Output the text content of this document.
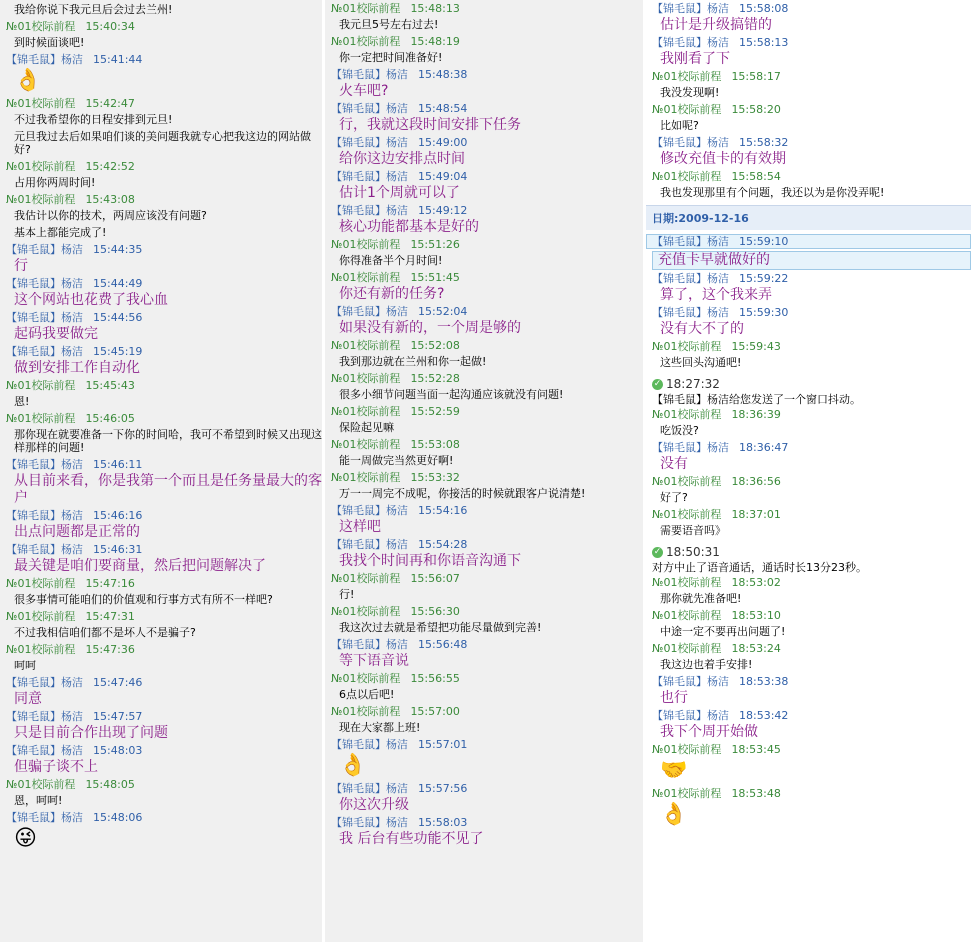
我给你说下我元旦后会过去兰州!
№01校际前程 15:40:34
到时候面谈吧!
【锦毛鼠】杨洁 15:41:44
👌
№01校际前程 15:42:47
不过我希望你的日程安排到元旦!
元旦我过去后如果咱们谈的美问题我就专心把我这边的网站做好?
№01校际前程 15:42:52
占用你两周时间!
№01校际前程 15:43:08
我估计以你的技术，两周应该没有问题?
基本上都能完成了!
【锦毛鼠】杨洁 15:44:35
行
【锦毛鼠】杨洁 15:44:49
这个网站也花费了我心血
【锦毛鼠】杨洁 15:44:56
起码我要做完
【锦毛鼠】杨洁 15:45:19
做到安排工作自动化
№01校际前程 15:45:43
恩!
№01校际前程 15:46:05
那你现在就要准备一下你的时间哈，我可不希望到时候又出现这样那样的问题!
【锦毛鼠】杨洁 15:46:11
从目前来看，你是我第一个而且是任务量最大的客户
【锦毛鼠】杨洁 15:46:16
出点问题都是正常的
【锦毛鼠】杨洁 15:46:31
最关键是咱们要商量，然后把问题解决了
№01校际前程 15:47:16
很多事情可能咱们的价值观和行事方式有所不一样吧?
№01校际前程 15:47:31
不过我相信咱们都不是坏人不是骗子?
№01校际前程 15:47:36
呵呵
【锦毛鼠】杨洁 15:47:46
同意
【锦毛鼠】杨洁 15:47:57
只是目前合作出现了问题
【锦毛鼠】杨洁 15:48:03
但骗子谈不上
№01校际前程 15:48:05
恩，呵呵!
【锦毛鼠】杨洁 15:48:06
😜
№01校际前程 15:48:13
我元旦5号左右过去!
№01校际前程 15:48:19
你一定把时间准备好!
【锦毛鼠】杨洁 15:48:38
火车吧?
【锦毛鼠】杨洁 15:48:54
行，我就这段时间安排下任务
【锦毛鼠】杨洁 15:49:00
给你这边安排点时间
【锦毛鼠】杨洁 15:49:04
估计1个周就可以了
【锦毛鼠】杨洁 15:49:12
核心功能都基本是好的
№01校际前程 15:51:26
你得准备半个月时间!
№01校际前程 15:51:45
你还有新的任务?
【锦毛鼠】杨洁 15:52:04
如果没有新的，一个周是够的
№01校际前程 15:52:08
我到那边就在兰州和你一起做!
№01校际前程 15:52:28
很多小细节问题当面一起沟通应该就没有问题!
№01校际前程 15:52:59
保险起见嘛
№01校际前程 15:53:08
能一周做完当然更好啊!
№01校际前程 15:53:32
万一一周完不成呢，你接活的时候就跟客户说清楚!
【锦毛鼠】杨洁 15:54:16
这样吧
【锦毛鼠】杨洁 15:54:28
我找个时间再和你语音沟通下
№01校际前程 15:56:07
行!
№01校际前程 15:56:30
我这次过去就是希望把功能尽量做到完善!
【锦毛鼠】杨洁 15:56:48
等下语音说
№01校际前程 15:56:55
6点以后吧!
№01校际前程 15:57:00
现在大家都上班!
【锦毛鼠】杨洁 15:57:01
👌
【锦毛鼠】杨洁 15:57:56
你这次升级
【锦毛鼠】杨洁 15:58:03
我 后台有些功能不见了
【锦毛鼠】杨洁 15:58:08
估计是升级搞错的
【锦毛鼠】杨洁 15:58:13
我刚看了下
№01校际前程 15:58:17
我没发现啊!
№01校际前程 15:58:20
比如呢?
【锦毛鼠】杨洁 15:58:32
修改充值卡的有效期
№01校际前程 15:58:54
我也发现那里有个问题，我还以为是你没弄呢!
日期:2009-12-16
【锦毛鼠】杨洁 15:59:10
充值卡早就做好的
【锦毛鼠】杨洁 15:59:22
算了，这个我来弄
【锦毛鼠】杨洁 15:59:30
没有大不了的
№01校际前程 15:59:43
这些回头沟通吧!
✓ 18:27:32
【锦毛鼠】杨洁给您发送了一个窗口抖动。
№01校际前程 18:36:39
吃饭没?
【锦毛鼠】杨洁 18:36:47
没有
№01校际前程 18:36:56
好了?
№01校际前程 18:37:01
需要语音吗》
✓ 18:50:31
对方中止了语音通话，通话时长13分23秒。
№01校际前程 18:53:02
那你就先准备吧!
№01校际前程 18:53:10
中途一定不要再出问题了!
№01校际前程 18:53:24
我这边也着手安排!
【锦毛鼠】杨洁 18:53:38
也行
【锦毛鼠】杨洁 18:53:42
我下个周开始做
№01校际前程 18:53:45
🤝
№01校际前程 18:53:48
👌
